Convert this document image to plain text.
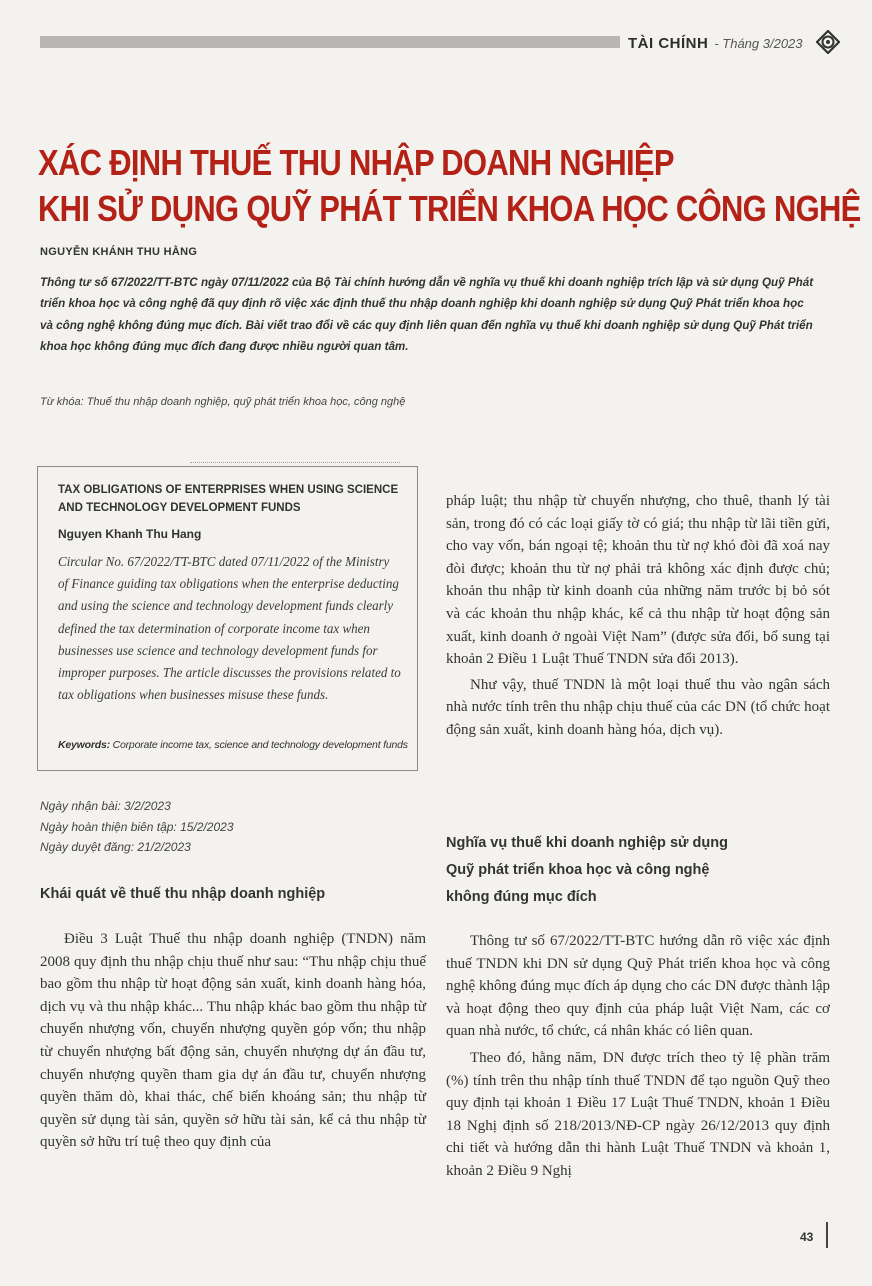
TÀI CHÍNH - Tháng 3/2023
XÁC ĐỊNH THUẾ THU NHẬP DOANH NGHIỆP
KHI SỬ DỤNG QUỸ PHÁT TRIỂN KHOA HỌC CÔNG NGHỆ
NGUYỄN KHÁNH THU HẰNG
Thông tư số 67/2022/TT-BTC ngày 07/11/2022 của Bộ Tài chính hướng dẫn về nghĩa vụ thuế khi doanh nghiệp trích lập và sử dụng Quỹ Phát triển khoa học và công nghệ đã quy định rõ việc xác định thuế thu nhập doanh nghiệp khi doanh nghiệp sử dụng Quỹ Phát triển khoa học và công nghệ không đúng mục đích. Bài viết trao đổi về các quy định liên quan đến nghĩa vụ thuế khi doanh nghiệp sử dụng Quỹ Phát triển khoa học không đúng mục đích đang được nhiều người quan tâm.
Từ khóa: Thuế thu nhập doanh nghiệp, quỹ phát triển khoa học, công nghệ
TAX OBLIGATIONS OF ENTERPRISES WHEN USING SCIENCE AND TECHNOLOGY DEVELOPMENT FUNDS
Nguyen Khanh Thu Hang
Circular No. 67/2022/TT-BTC dated 07/11/2022 of the Ministry of Finance guiding tax obligations when the enterprise deducting and using the science and technology development funds clearly defined the tax determination of corporate income tax when businesses use science and technology development funds for improper purposes. The article discusses the provisions related to tax obligations when businesses misuse these funds.
Keywords: Corporate income tax, science and technology development funds
Ngày nhận bài: 3/2/2023
Ngày hoàn thiện biên tập: 15/2/2023
Ngày duyệt đăng: 21/2/2023
Khái quát về thuế thu nhập doanh nghiệp

Điều 3 Luật Thuế thu nhập doanh nghiệp (TNDN) năm 2008 quy định thu nhập chịu thuế như sau: “Thu nhập chịu thuế bao gồm thu nhập từ hoạt động sản xuất, kinh doanh hàng hóa, dịch vụ và thu nhập khác... Thu nhập khác bao gồm thu nhập từ chuyển nhượng vốn, chuyển nhượng quyền góp vốn; thu nhập từ chuyển nhượng bất động sản, chuyển nhượng dự án đầu tư, chuyển nhượng quyền tham gia dự án đầu tư, chuyển nhượng quyền thăm dò, khai thác, chế biến khoáng sản; thu nhập từ quyền sử dụng tài sản, quyền sở hữu tài sản, kể cả thu nhập từ quyền sở hữu trí tuệ theo quy định của

pháp luật; thu nhập từ chuyển nhượng, cho thuê, thanh lý tài sản, trong đó có các loại giấy tờ có giá; thu nhập từ lãi tiền gửi, cho vay vốn, bán ngoại tệ; khoản thu từ nợ khó đòi đã xoá nay đòi được; khoản thu từ nợ phải trả không xác định được chủ; khoản thu nhập từ kinh doanh của những năm trước bị bỏ sót và các khoản thu nhập khác, kể cả thu nhập từ hoạt động sản xuất, kinh doanh ở ngoài Việt Nam” (được sửa đổi, bổ sung tại khoản 2 Điều 1 Luật Thuế TNDN sửa đổi 2013).

Như vậy, thuế TNDN là một loại thuế thu vào ngân sách nhà nước tính trên thu nhập chịu thuế của các DN (tổ chức hoạt động sản xuất, kinh doanh hàng hóa, dịch vụ).

Nghĩa vụ thuế khi doanh nghiệp sử dụng
Quỹ phát triển khoa học và công nghệ
không đúng mục đích

Thông tư số 67/2022/TT-BTC hướng dẫn rõ việc xác định thuế TNDN khi DN sử dụng Quỹ Phát triển khoa học và công nghệ không đúng mục đích áp dụng cho các DN được thành lập và hoạt động theo quy định của pháp luật Việt Nam, các cơ quan nhà nước, tổ chức, cá nhân khác có liên quan.

Theo đó, hằng năm, DN được trích theo tỷ lệ phần trăm (%) tính trên thu nhập tính thuế TNDN để tạo nguồn Quỹ theo quy định tại khoản 1 Điều 17 Luật Thuế TNDN, khoản 1 Điều 18 Nghị định số 218/2013/NĐ-CP ngày 26/12/2013 quy định chi tiết và hướng dẫn thi hành Luật Thuế TNDN và khoản 1, khoản 2 Điều 9 Nghị

43
